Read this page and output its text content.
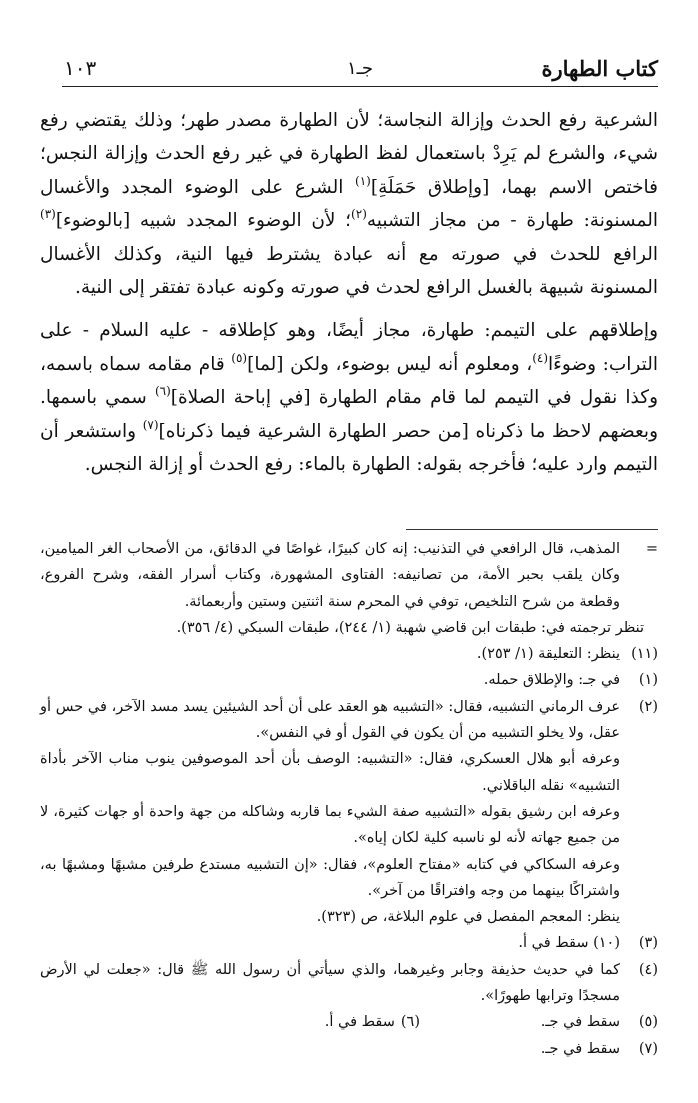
كتاب الطهارة
جـ١
١٠٣

الشرعية رفع الحدث وإزالة النجاسة؛ لأن الطهارة مصدر طهر؛ وذلك يقتضي رفع شيء، والشرع لم يَرِدْ باستعمال لفظ الطهارة في غير رفع الحدث وإزالة النجس؛ فاختص الاسم بهما، [وإطلاق حَمَلَةِ]$^{(١)}$ الشرع على الوضوء المجدد والأغسال المسنونة: طهارة - من مجاز التشبيه$^{(٢)}$؛ لأن الوضوء المجدد شبيه [بالوضوء]$^{(٣)}$ الرافع للحدث في صورته مع أنه عبادة يشترط فيها النية، وكذلك الأغسال المسنونة شبيهة بالغسل الرافع لحدث في صورته وكونه عبادة تفتقر إلى النية.

وإطلاقهم على التيمم: طهارة، مجاز أيضًا، وهو كإطلاقه - عليه السلام - على التراب: وضوءًا$^{(٤)}$، ومعلوم أنه ليس بوضوء، ولكن [لما]$^{(٥)}$ قام مقامه سماه باسمه، وكذا نقول في التيمم لما قام مقام الطهارة [في إباحة الصلاة]$^{(٦)}$ سمي باسمها. وبعضهم لاحظ ما ذكرناه [من حصر الطهارة الشرعية فيما ذكرناه]$^{(٧)}$ واستشعر أن التيمم وارد عليه؛ فأخرجه بقوله: الطهارة بالماء: رفع الحدث أو إزالة النجس.

=
المذهب، قال الرافعي في التذنيب: إنه كان كبيرًا، غواصًا في الدقائق، من الأصحاب الغر الميامين، وكان يلقب بحبر الأمة، من تصانيفه: الفتاوى المشهورة، وكتاب أسرار الفقه، وشرح الفروع، وقطعة من شرح التلخيص، توفي في المحرم سنة اثنتين وستين وأربعمائة.
تنظر ترجمته في: طبقات ابن قاضي شهبة (١/ ٢٤٤)، طبقات السبكي (٤/ ٣٥٦).
(١١)
ينظر: التعليقة (١/ ٢٥٣).
(١)
في جـ: والإطلاق حمله.
(٢)
عرف الرماني التشبيه، فقال: «التشبيه هو العقد على أن أحد الشيئين يسد مسد الآخر، في حس أو عقل، ولا يخلو التشبيه من أن يكون في القول أو في النفس».
وعرفه أبو هلال العسكري، فقال: «التشبيه: الوصف بأن أحد الموصوفين ينوب مناب الآخر بأداة التشبيه» نقله الباقلاني.
وعرفه ابن رشيق بقوله «التشبيه صفة الشيء بما قاربه وشاكله من جهة واحدة أو جهات كثيرة، لا من جميع جهاته لأنه لو ناسبه كلية لكان إياه».
وعرفه السكاكي في كتابه «مفتاح العلوم»، فقال: «إن التشبيه مستدع طرفين مشبهًا ومشبهًا به، واشتراكًا بينهما من وجه وافتراقًا من آخر».
ينظر: المعجم المفصل في علوم البلاغة، ص (٣٢٣).
(٣)
(١٠) سقط في أ.
(٤)
كما في حديث حذيفة وجابر وغيرهما، والذي سيأتي أن رسول الله ﷺ قال: «جعلت لي الأرض مسجدًا وترابها طهورًا».
(٥)
سقط في جـ.
(٦)
سقط في أ.
(٧)
سقط في جـ.
